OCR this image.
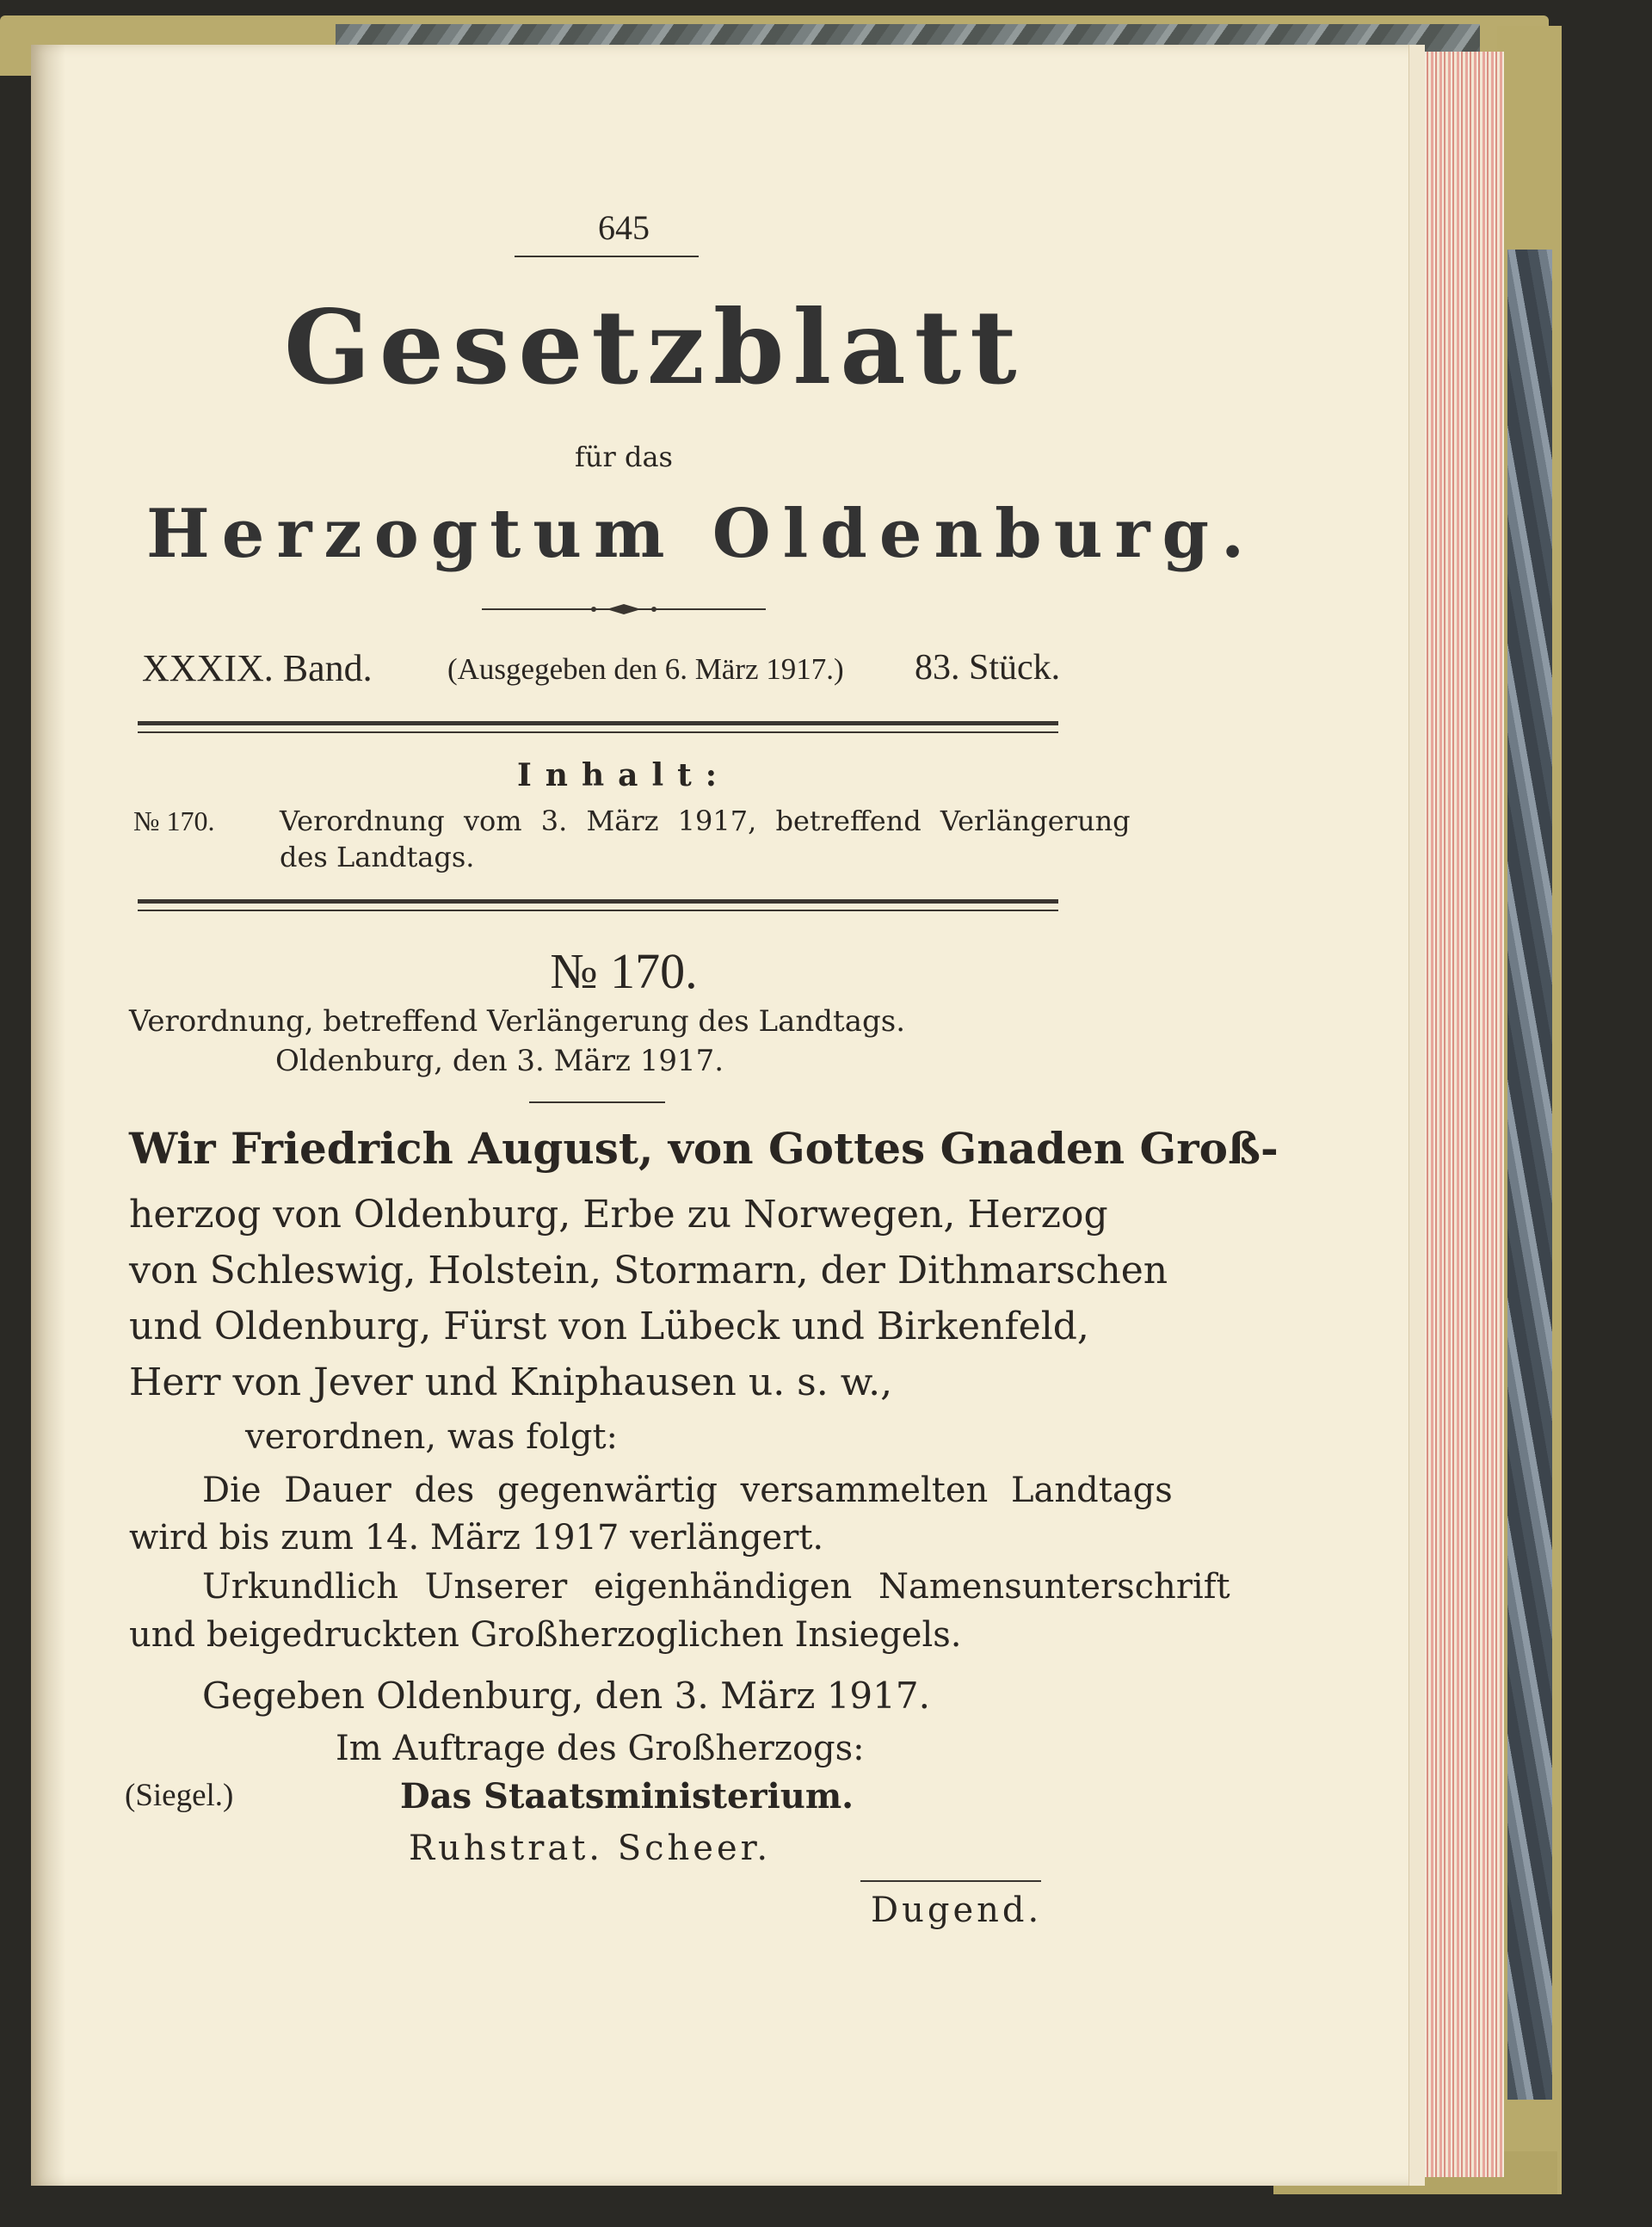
645
Gesetzblatt
für das
Herzogtum Oldenburg.
XXXIX. Band. (Ausgegeben den 6. März 1917.) 83. Stück.
Inhalt:
№ 170. Verordnung vom 3. März 1917, betreffend Verlängerung
des Landtags.
№ 170.
Verordnung, betreffend Verlängerung des Landtags.
Oldenburg, den 3. März 1917.
Wir Friedrich August, von Gottes Gnaden Groß-
herzog von Oldenburg, Erbe zu Norwegen, Herzog
von Schleswig, Holstein, Stormarn, der Dithmarschen
und Oldenburg, Fürst von Lübeck und Birkenfeld,
Herr von Jever und Kniphausen u. s. w.,
verordnen, was folgt:
Die Dauer des gegenwärtig versammelten Landtags
wird bis zum 14. März 1917 verlängert.
Urkundlich Unserer eigenhändigen Namensunterschrift
und beigedruckten Großherzoglichen Insiegels.
Gegeben Oldenburg, den 3. März 1917.
Im Auftrage des Großherzogs:
(Siegel.)	Das Staatsministerium.
Ruhstrat. Scheer.
Dugend.
